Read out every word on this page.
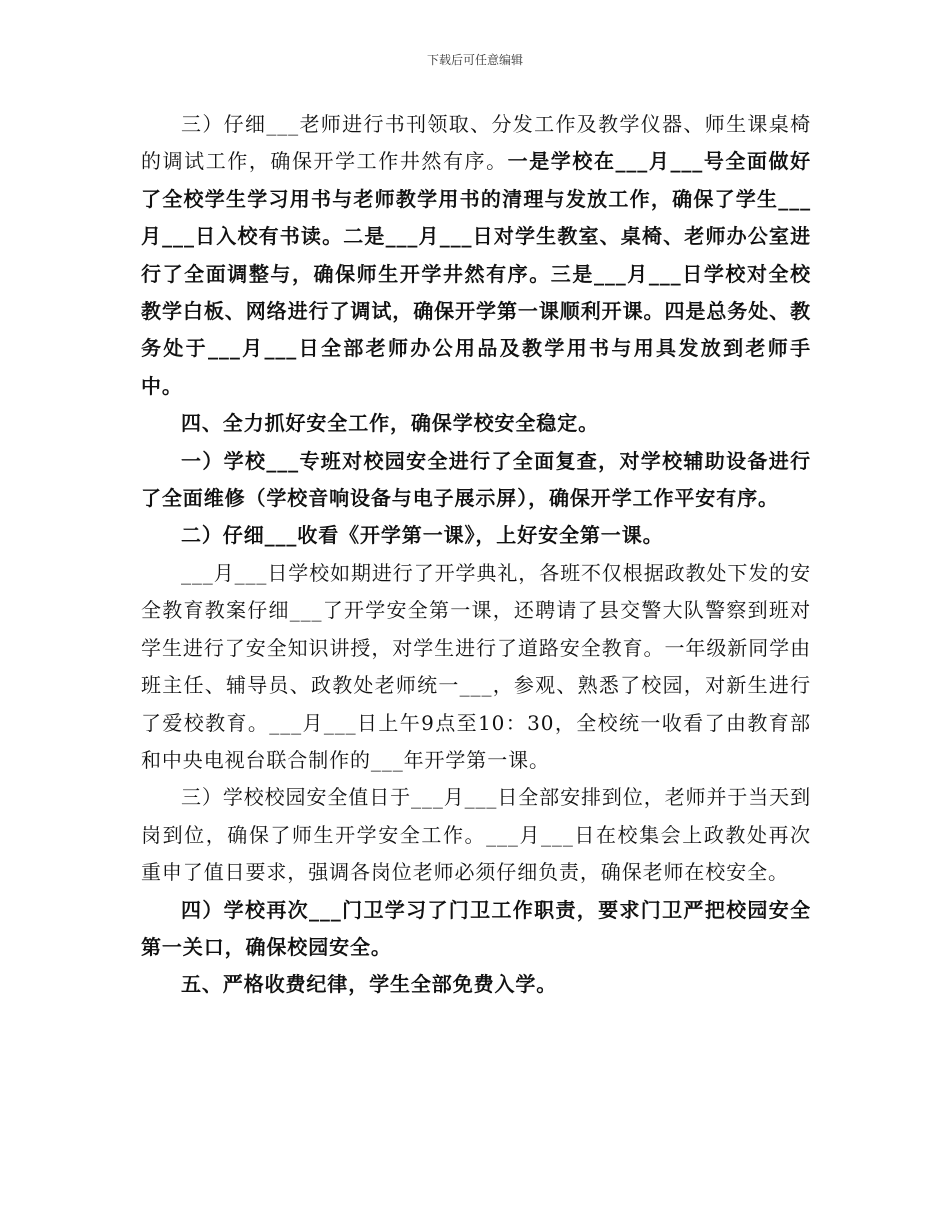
下载后可任意编辑

三）仔细___老师进行书刊领取、分发工作及教学仪器、师生课桌椅的调试工作，确保开学工作井然有序。一是学校在___月___号全面做好了全校学生学习用书与老师教学用书的清理与发放工作，确保了学生___月___日入校有书读。二是___月___日对学生教室、桌椅、老师办公室进行了全面调整与，确保师生开学井然有序。三是___月___日学校对全校教学白板、网络进行了调试，确保开学第一课顺利开课。四是总务处、教务处于___月___日全部老师办公用品及教学用书与用具发放到老师手中。

四、全力抓好安全工作，确保学校安全稳定。

一）学校___专班对校园安全进行了全面复查，对学校辅助设备进行了全面维修（学校音响设备与电子展示屏），确保开学工作平安有序。

二）仔细___收看《开学第一课》，上好安全第一课。

___月___日学校如期进行了开学典礼，各班不仅根据政教处下发的安全教育教案仔细___了开学安全第一课，还聘请了县交警大队警察到班对学生进行了安全知识讲授，对学生进行了道路安全教育。一年级新同学由班主任、辅导员、政教处老师统一___，参观、熟悉了校园，对新生进行了爱校教育。___月___日上午9点至10：30，全校统一收看了由教育部和中央电视台联合制作的___年开学第一课。

三）学校校园安全值日于___月___日全部安排到位，老师并于当天到岗到位，确保了师生开学安全工作。___月___日在校集会上政教处再次重申了值日要求，强调各岗位老师必须仔细负责，确保老师在校安全。

四）学校再次___门卫学习了门卫工作职责，要求门卫严把校园安全第一关口，确保校园安全。

五、严格收费纪律，学生全部免费入学。
